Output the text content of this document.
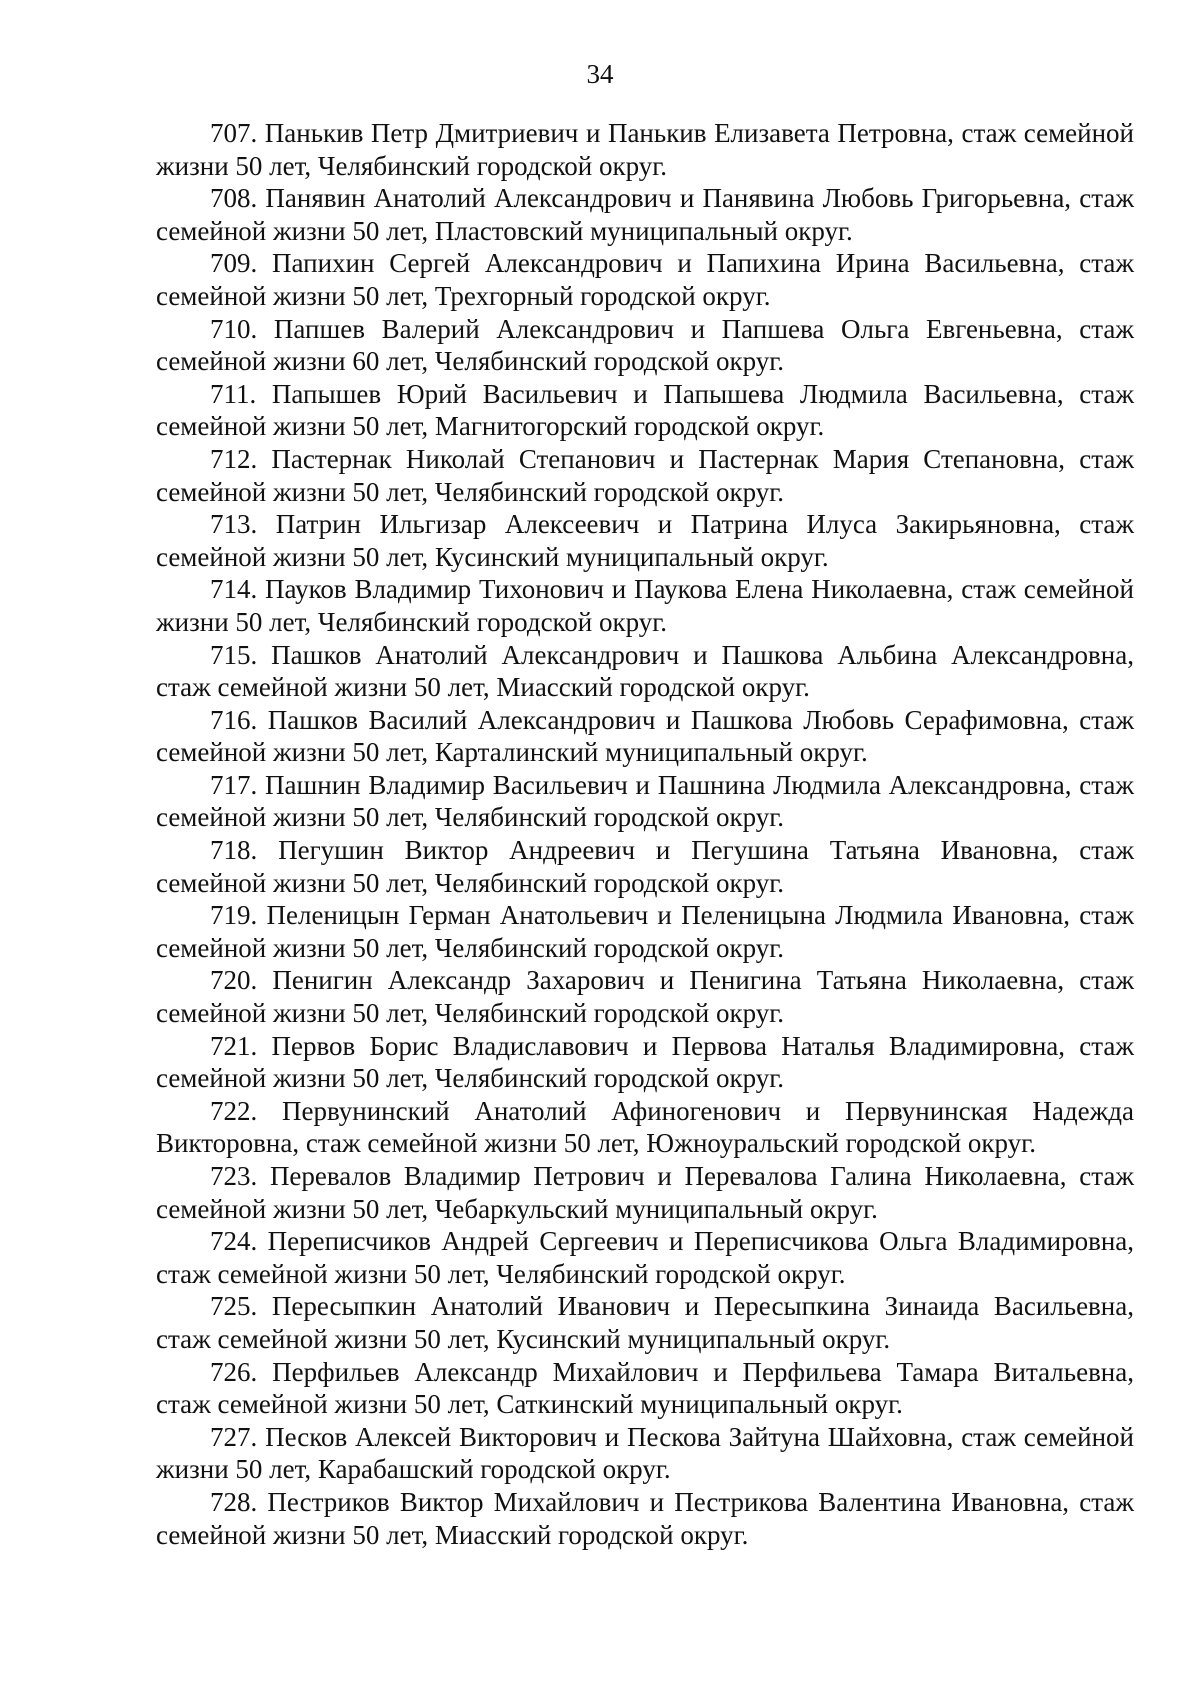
34

707. Панькив Петр Дмитриевич и Панькив Елизавета Петровна, стаж семейной жизни 50 лет, Челябинский городской округ.

708. Панявин Анатолий Александрович и Панявина Любовь Григорьевна, стаж семейной жизни 50 лет, Пластовский муниципальный округ.

709. Папихин Сергей Александрович и Папихина Ирина Васильевна, стаж семейной жизни 50 лет, Трехгорный городской округ.

710. Папшев Валерий Александрович и Папшева Ольга Евгеньевна, стаж семейной жизни 60 лет, Челябинский городской округ.

711. Папышев Юрий Васильевич и Папышева Людмила Васильевна, стаж семейной жизни 50 лет, Магнитогорский городской округ.

712. Пастернак Николай Степанович и Пастернак Мария Степановна, стаж семейной жизни 50 лет, Челябинский городской округ.

713. Патрин Ильгизар Алексеевич и Патрина Илуса Закирьяновна, стаж семейной жизни 50 лет, Кусинский муниципальный округ.

714. Пауков Владимир Тихонович и Паукова Елена Николаевна, стаж семейной жизни 50 лет, Челябинский городской округ.

715. Пашков Анатолий Александрович и Пашкова Альбина Александровна, стаж семейной жизни 50 лет, Миасский городской округ.

716. Пашков Василий Александрович и Пашкова Любовь Серафимовна, стаж семейной жизни 50 лет, Карталинский муниципальный округ.

717. Пашнин Владимир Васильевич и Пашнина Людмила Александровна, стаж семейной жизни 50 лет, Челябинский городской округ.

718. Пегушин Виктор Андреевич и Пегушина Татьяна Ивановна, стаж семейной жизни 50 лет, Челябинский городской округ.

719. Пеленицын Герман Анатольевич и Пеленицына Людмила Ивановна, стаж семейной жизни 50 лет, Челябинский городской округ.

720. Пенигин Александр Захарович и Пенигина Татьяна Николаевна, стаж семейной жизни 50 лет, Челябинский городской округ.

721. Первов Борис Владиславович и Первова Наталья Владимировна, стаж семейной жизни 50 лет, Челябинский городской округ.

722. Первунинский Анатолий Афиногенович и Первунинская Надежда Викторовна, стаж семейной жизни 50 лет, Южноуральский городской округ.

723. Перевалов Владимир Петрович и Перевалова Галина Николаевна, стаж семейной жизни 50 лет, Чебаркульский муниципальный округ.

724. Переписчиков Андрей Сергеевич и Переписчикова Ольга Владимировна, стаж семейной жизни 50 лет, Челябинский городской округ.

725. Пересыпкин Анатолий Иванович и Пересыпкина Зинаида Васильевна, стаж семейной жизни 50 лет, Кусинский муниципальный округ.

726. Перфильев Александр Михайлович и Перфильева Тамара Витальевна, стаж семейной жизни 50 лет, Саткинский муниципальный округ.

727. Песков Алексей Викторович и Пескова Зайтуна Шайховна, стаж семейной жизни 50 лет, Карабашский городской округ.

728. Пестриков Виктор Михайлович и Пестрикова Валентина Ивановна, стаж семейной жизни 50 лет, Миасский городской округ.
